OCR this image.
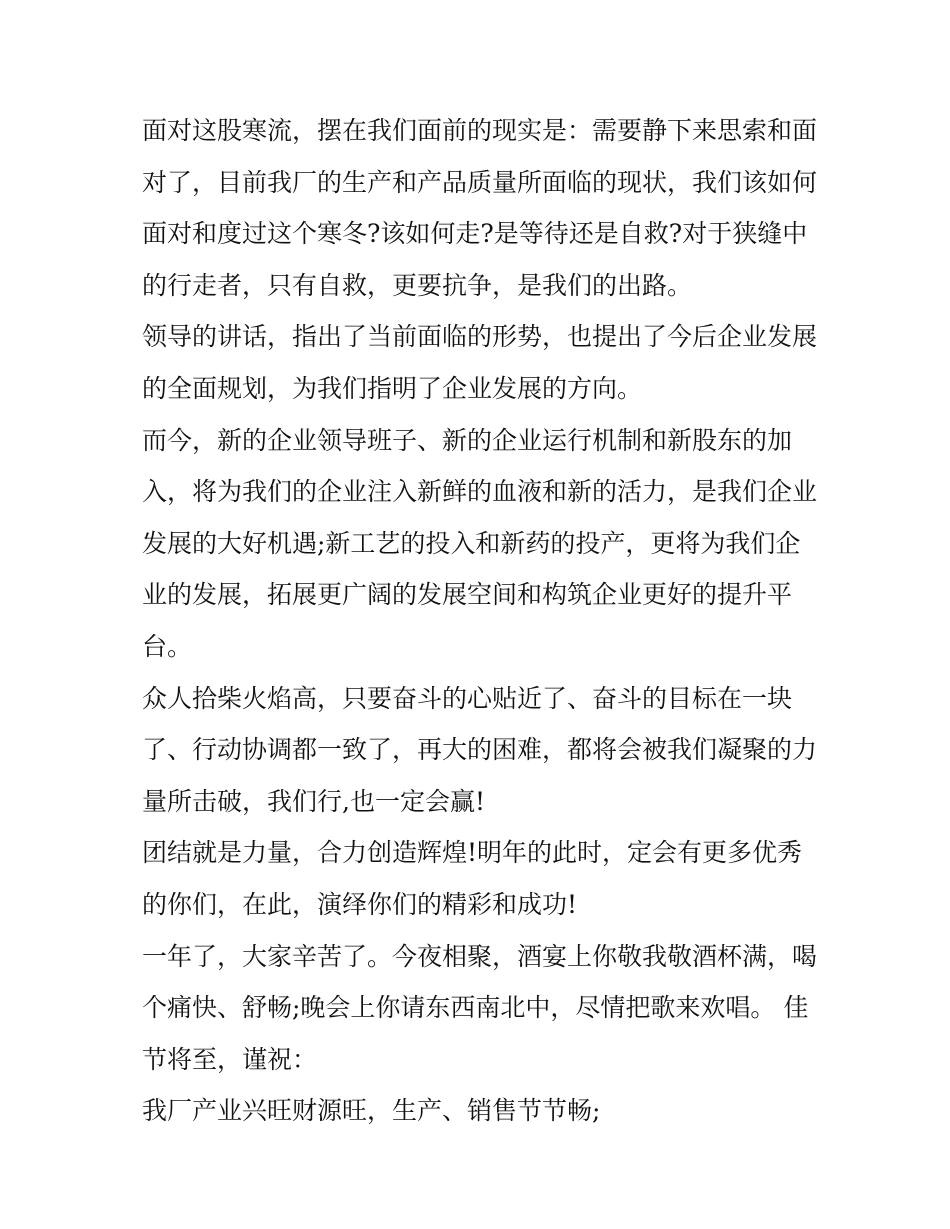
面对这股寒流，摆在我们面前的现实是：需要静下来思索和面对了，目前我厂的生产和产品质量所面临的现状，我们该如何面对和度过这个寒冬?该如何走?是等待还是自救?对于狭缝中的行走者，只有自救，更要抗争，是我们的出路。

领导的讲话，指出了当前面临的形势，也提出了今后企业发展的全面规划，为我们指明了企业发展的方向。

而今，新的企业领导班子、新的企业运行机制和新股东的加入，将为我们的企业注入新鲜的血液和新的活力，是我们企业发展的大好机遇;新工艺的投入和新药的投产，更将为我们企业的发展，拓展更广阔的发展空间和构筑企业更好的提升平台。

众人拾柴火焰高，只要奋斗的心贴近了、奋斗的目标在一块了、行动协调都一致了，再大的困难，都将会被我们凝聚的力量所击破，我们行,也一定会赢!

团结就是力量，合力创造辉煌!明年的此时，定会有更多优秀的你们，在此，演绎你们的精彩和成功!

一年了，大家辛苦了。今夜相聚，酒宴上你敬我敬酒杯满，喝个痛快、舒畅;晚会上你请东西南北中，尽情把歌来欢唱。 佳节将至，谨祝：

我厂产业兴旺财源旺，生产、销售节节畅;
